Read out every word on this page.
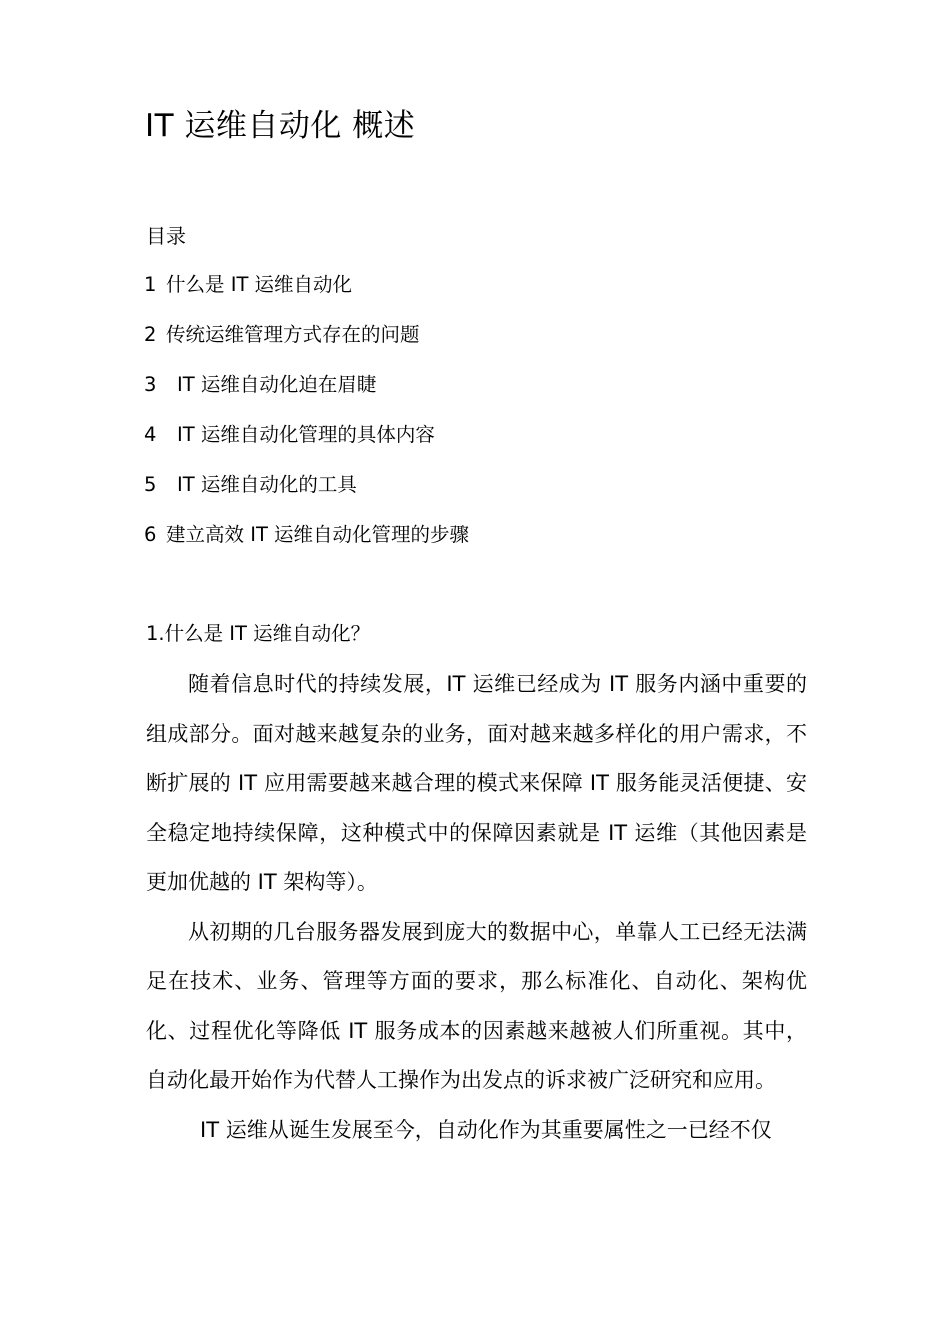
IT 运维自动化 概述
目录
1 什么是 IT 运维自动化
2 传统运维管理方式存在的问题
3 IT 运维自动化迫在眉睫
4 IT 运维自动化管理的具体内容
5 IT 运维自动化的工具
6 建立高效 IT 运维自动化管理的步骤
1.什么是 IT 运维自动化？

随着信息时代的持续发展，IT 运维已经成为 IT 服务内涵中重要的组成部分。面对越来越复杂的业务，面对越来越多样化的用户需求，不断扩展的 IT 应用需要越来越合理的模式来保障 IT 服务能灵活便捷、安全稳定地持续保障，这种模式中的保障因素就是 IT 运维（其他因素是更加优越的 IT 架构等）。

从初期的几台服务器发展到庞大的数据中心，单靠人工已经无法满足在技术、业务、管理等方面的要求，那么标准化、自动化、架构优化、过程优化等降低 IT 服务成本的因素越来越被人们所重视。其中，自动化最开始作为代替人工操作为出发点的诉求被广泛研究和应用。

IT 运维从诞生发展至今，自动化作为其重要属性之一已经不仅
